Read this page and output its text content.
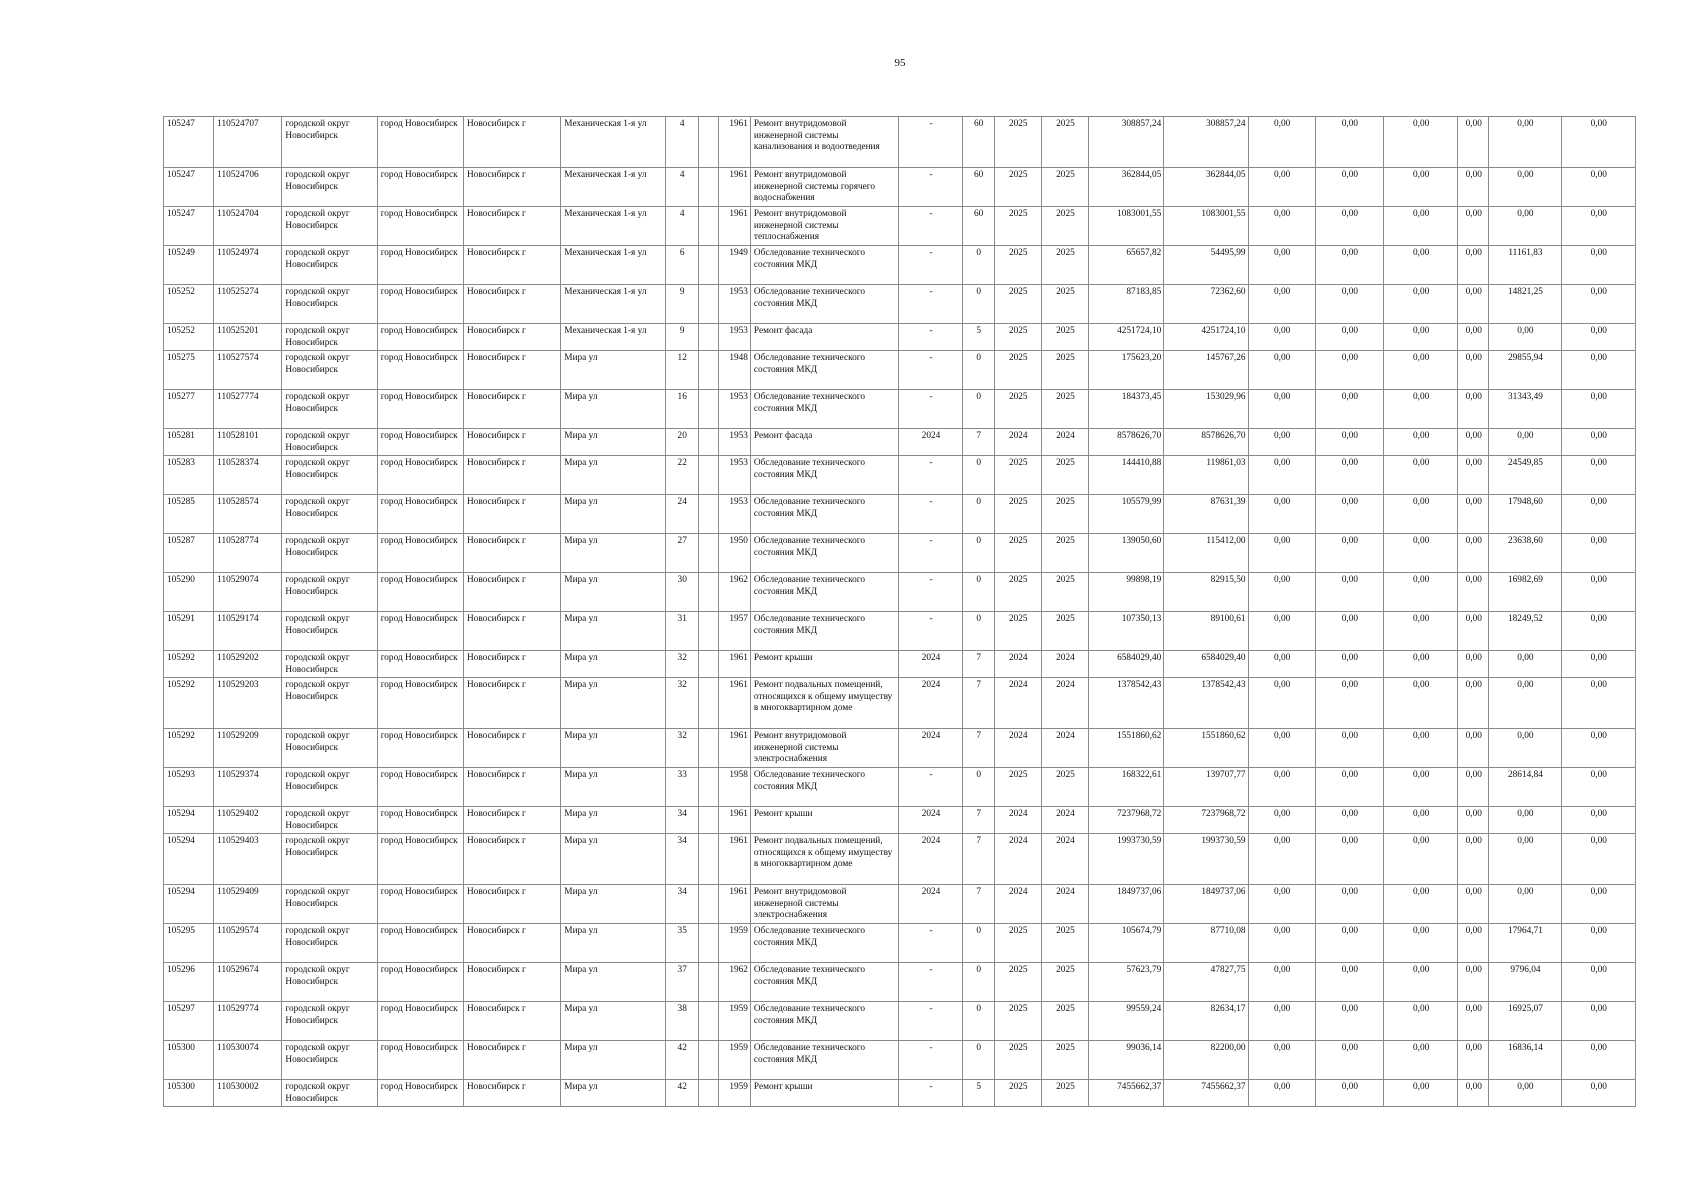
95
105247	110524707	городской округ Новосибирск	город Новосибирск	Новосибирск г	Механическая 1-я ул	4		1961	Ремонт внутридомовой инженерной системы канализования и водоотведения	-	60	2025	2025	308857,24	308857,24	0,00	0,00	0,00	0,00	0,00	0,00
105247	110524706	городской округ Новосибирск	город Новосибирск	Новосибирск г	Механическая 1-я ул	4		1961	Ремонт внутридомовой инженерной системы горячего водоснабжения	-	60	2025	2025	362844,05	362844,05	0,00	0,00	0,00	0,00	0,00	0,00
105247	110524704	городской округ Новосибирск	город Новосибирск	Новосибирск г	Механическая 1-я ул	4		1961	Ремонт внутридомовой инженерной системы теплоснабжения	-	60	2025	2025	1083001,55	1083001,55	0,00	0,00	0,00	0,00	0,00	0,00
105249	110524974	городской округ Новосибирск	город Новосибирск	Новосибирск г	Механическая 1-я ул	6		1949	Обследование технического состояния МКД	-	0	2025	2025	65657,82	54495,99	0,00	0,00	0,00	0,00	11161,83	0,00
105252	110525274	городской округ Новосибирск	город Новосибирск	Новосибирск г	Механическая 1-я ул	9		1953	Обследование технического состояния МКД	-	0	2025	2025	87183,85	72362,60	0,00	0,00	0,00	0,00	14821,25	0,00
105252	110525201	городской округ Новосибирск	город Новосибирск	Новосибирск г	Механическая 1-я ул	9		1953	Ремонт фасада	-	5	2025	2025	4251724,10	4251724,10	0,00	0,00	0,00	0,00	0,00	0,00
105275	110527574	городской округ Новосибирск	город Новосибирск	Новосибирск г	Мира ул	12		1948	Обследование технического состояния МКД	-	0	2025	2025	175623,20	145767,26	0,00	0,00	0,00	0,00	29855,94	0,00
105277	110527774	городской округ Новосибирск	город Новосибирск	Новосибирск г	Мира ул	16		1953	Обследование технического состояния МКД	-	0	2025	2025	184373,45	153029,96	0,00	0,00	0,00	0,00	31343,49	0,00
105281	110528101	городской округ Новосибирск	город Новосибирск	Новосибирск г	Мира ул	20		1953	Ремонт фасада	2024	7	2024	2024	8578626,70	8578626,70	0,00	0,00	0,00	0,00	0,00	0,00
105283	110528374	городской округ Новосибирск	город Новосибирск	Новосибирск г	Мира ул	22		1953	Обследование технического состояния МКД	-	0	2025	2025	144410,88	119861,03	0,00	0,00	0,00	0,00	24549,85	0,00
105285	110528574	городской округ Новосибирск	город Новосибирск	Новосибирск г	Мира ул	24		1953	Обследование технического состояния МКД	-	0	2025	2025	105579,99	87631,39	0,00	0,00	0,00	0,00	17948,60	0,00
105287	110528774	городской округ Новосибирск	город Новосибирск	Новосибирск г	Мира ул	27		1950	Обследование технического состояния МКД	-	0	2025	2025	139050,60	115412,00	0,00	0,00	0,00	0,00	23638,60	0,00
105290	110529074	городской округ Новосибирск	город Новосибирск	Новосибирск г	Мира ул	30		1962	Обследование технического состояния МКД	-	0	2025	2025	99898,19	82915,50	0,00	0,00	0,00	0,00	16982,69	0,00
105291	110529174	городской округ Новосибирск	город Новосибирск	Новосибирск г	Мира ул	31		1957	Обследование технического состояния МКД	-	0	2025	2025	107350,13	89100,61	0,00	0,00	0,00	0,00	18249,52	0,00
105292	110529202	городской округ Новосибирск	город Новосибирск	Новосибирск г	Мира ул	32		1961	Ремонт крыши	2024	7	2024	2024	6584029,40	6584029,40	0,00	0,00	0,00	0,00	0,00	0,00
105292	110529203	городской округ Новосибирск	город Новосибирск	Новосибирск г	Мира ул	32		1961	Ремонт подвальных помещений, относящихся к общему имуществу в многоквартирном доме	2024	7	2024	2024	1378542,43	1378542,43	0,00	0,00	0,00	0,00	0,00	0,00
105292	110529209	городской округ Новосибирск	город Новосибирск	Новосибирск г	Мира ул	32		1961	Ремонт внутридомовой инженерной системы электроснабжения	2024	7	2024	2024	1551860,62	1551860,62	0,00	0,00	0,00	0,00	0,00	0,00
105293	110529374	городской округ Новосибирск	город Новосибирск	Новосибирск г	Мира ул	33		1958	Обследование технического состояния МКД	-	0	2025	2025	168322,61	139707,77	0,00	0,00	0,00	0,00	28614,84	0,00
105294	110529402	городской округ Новосибирск	город Новосибирск	Новосибирск г	Мира ул	34		1961	Ремонт крыши	2024	7	2024	2024	7237968,72	7237968,72	0,00	0,00	0,00	0,00	0,00	0,00
105294	110529403	городской округ Новосибирск	город Новосибирск	Новосибирск г	Мира ул	34		1961	Ремонт подвальных помещений, относящихся к общему имуществу в многоквартирном доме	2024	7	2024	2024	1993730,59	1993730,59	0,00	0,00	0,00	0,00	0,00	0,00
105294	110529409	городской округ Новосибирск	город Новосибирск	Новосибирск г	Мира ул	34		1961	Ремонт внутридомовой инженерной системы электроснабжения	2024	7	2024	2024	1849737,06	1849737,06	0,00	0,00	0,00	0,00	0,00	0,00
105295	110529574	городской округ Новосибирск	город Новосибирск	Новосибирск г	Мира ул	35		1959	Обследование технического состояния МКД	-	0	2025	2025	105674,79	87710,08	0,00	0,00	0,00	0,00	17964,71	0,00
105296	110529674	городской округ Новосибирск	город Новосибирск	Новосибирск г	Мира ул	37		1962	Обследование технического состояния МКД	-	0	2025	2025	57623,79	47827,75	0,00	0,00	0,00	0,00	9796,04	0,00
105297	110529774	городской округ Новосибирск	город Новосибирск	Новосибирск г	Мира ул	38		1959	Обследование технического состояния МКД	-	0	2025	2025	99559,24	82634,17	0,00	0,00	0,00	0,00	16925,07	0,00
105300	110530074	городской округ Новосибирск	город Новосибирск	Новосибирск г	Мира ул	42		1959	Обследование технического состояния МКД	-	0	2025	2025	99036,14	82200,00	0,00	0,00	0,00	0,00	16836,14	0,00
105300	110530002	городской округ Новосибирск	город Новосибирск	Новосибирск г	Мира ул	42		1959	Ремонт крыши	-	5	2025	2025	7455662,37	7455662,37	0,00	0,00	0,00	0,00	0,00	0,00
